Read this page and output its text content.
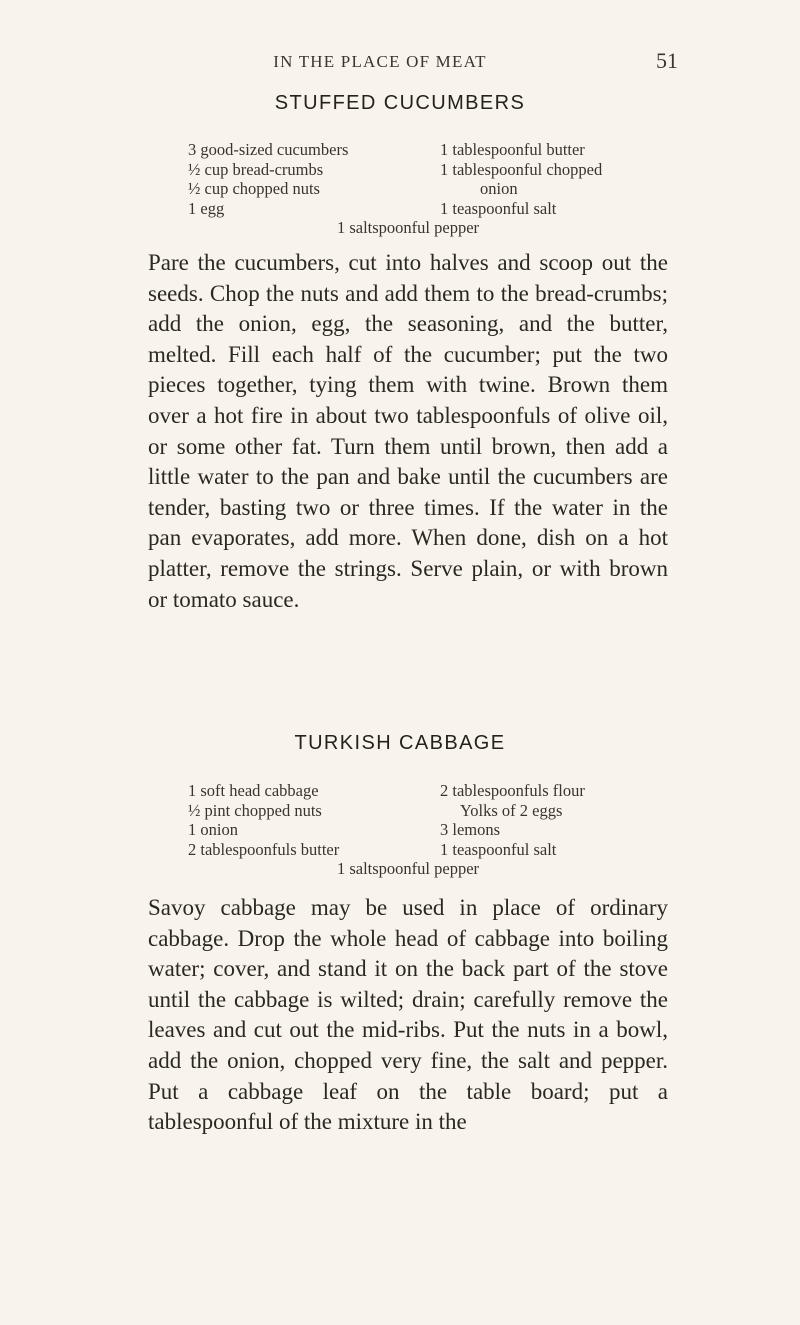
IN THE PLACE OF MEAT	51
STUFFED CUCUMBERS
3 good-sized cucumbers	1 tablespoonful butter
½ cup bread-crumbs	1 tablespoonful chopped
½ cup chopped nuts	onion
1 egg	1 teaspoonful salt
1 saltspoonful pepper

Pare the cucumbers, cut into halves and scoop out the seeds. Chop the nuts and add them to the bread-crumbs; add the onion, egg, the seasoning, and the butter, melted. Fill each half of the cucumber; put the two pieces together, tying them with twine. Brown them over a hot fire in about two tablespoonfuls of olive oil, or some other fat. Turn them until brown, then add a little water to the pan and bake until the cucumbers are tender, basting two or three times. If the water in the pan evaporates, add more. When done, dish on a hot platter, remove the strings. Serve plain, or with brown or tomato sauce.

TURKISH CABBAGE
1 soft head cabbage	2 tablespoonfuls flour
½ pint chopped nuts	Yolks of 2 eggs
1 onion	3 lemons
2 tablespoonfuls butter	1 teaspoonful salt
1 saltspoonful pepper

Savoy cabbage may be used in place of ordinary cabbage. Drop the whole head of cabbage into boiling water; cover, and stand it on the back part of the stove until the cabbage is wilted; drain; carefully remove the leaves and cut out the mid-ribs. Put the nuts in a bowl, add the onion, chopped very fine, the salt and pepper. Put a cabbage leaf on the table board; put a tablespoonful of the mixture in the
